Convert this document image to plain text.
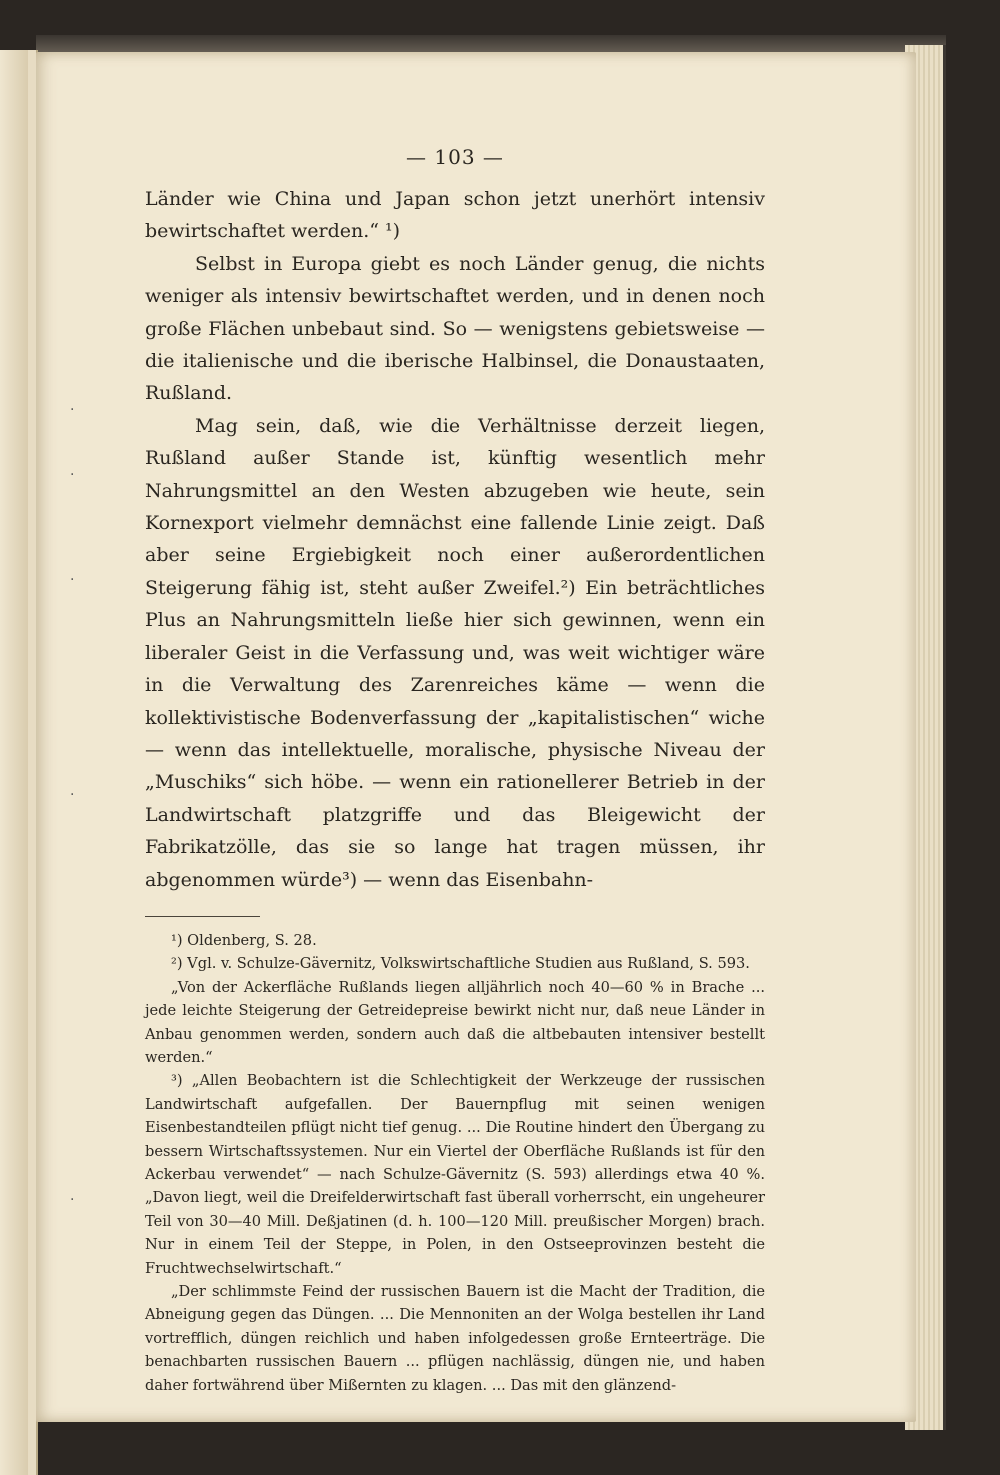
·
·
·
·
·
— 103 —

Länder wie China und Japan schon jetzt unerhört intensiv bewirtschaftet werden.“ ¹)

Selbst in Europa giebt es noch Länder genug, die nichts weniger als intensiv bewirtschaftet werden, und in denen noch große Flächen unbebaut sind. So — wenigstens gebietsweise — die italienische und die iberische Halbinsel, die Donaustaaten, Rußland.

Mag sein, daß, wie die Verhältnisse derzeit liegen, Rußland außer Stande ist, künftig wesentlich mehr Nahrungsmittel an den Westen abzugeben wie heute, sein Kornexport vielmehr demnächst eine fallende Linie zeigt. Daß aber seine Ergiebigkeit noch einer außerordentlichen Steigerung fähig ist, steht außer Zweifel.²) Ein beträchtliches Plus an Nahrungsmitteln ließe hier sich gewinnen, wenn ein liberaler Geist in die Verfassung und, was weit wichtiger wäre in die Verwaltung des Zarenreiches käme — wenn die kollektivistische Bodenverfassung der „kapitalistischen“ wiche — wenn das intellektuelle, moralische, physische Niveau der „Muschiks“ sich höbe. — wenn ein rationellerer Betrieb in der Landwirtschaft platzgriffe und das Bleigewicht der Fabrikatzölle, das sie so lange hat tragen müssen, ihr abgenommen würde³) — wenn das Eisenbahn-

¹) Oldenberg, S. 28.

²) Vgl. v. Schulze-Gävernitz, Volkswirtschaftliche Studien aus Rußland, S. 593.

„Von der Ackerfläche Rußlands liegen alljährlich noch 40—60 % in Brache ... jede leichte Steigerung der Getreidepreise bewirkt nicht nur, daß neue Länder in Anbau genommen werden, sondern auch daß die altbebauten intensiver bestellt werden.“

³) „Allen Beobachtern ist die Schlechtigkeit der Werkzeuge der russischen Landwirtschaft aufgefallen. Der Bauernpflug mit seinen wenigen Eisenbestandteilen pflügt nicht tief genug. ... Die Routine hindert den Übergang zu bessern Wirtschaftssystemen. Nur ein Viertel der Oberfläche Rußlands ist für den Ackerbau verwendet“ — nach Schulze-Gävernitz (S. 593) allerdings etwa 40 %. „Davon liegt, weil die Dreifelderwirtschaft fast überall vorherrscht, ein ungeheurer Teil von 30—40 Mill. Deßjatinen (d. h. 100—120 Mill. preußischer Morgen) brach. Nur in einem Teil der Steppe, in Polen, in den Ostseeprovinzen besteht die Fruchtwechselwirtschaft.“

„Der schlimmste Feind der russischen Bauern ist die Macht der Tradition, die Abneigung gegen das Düngen. ... Die Mennoniten an der Wolga bestellen ihr Land vortrefflich, düngen reichlich und haben infolgedessen große Ernteerträge. Die benachbarten russischen Bauern ... pflügen nachlässig, düngen nie, und haben daher fortwährend über Mißernten zu klagen. ... Das mit den glänzend-
